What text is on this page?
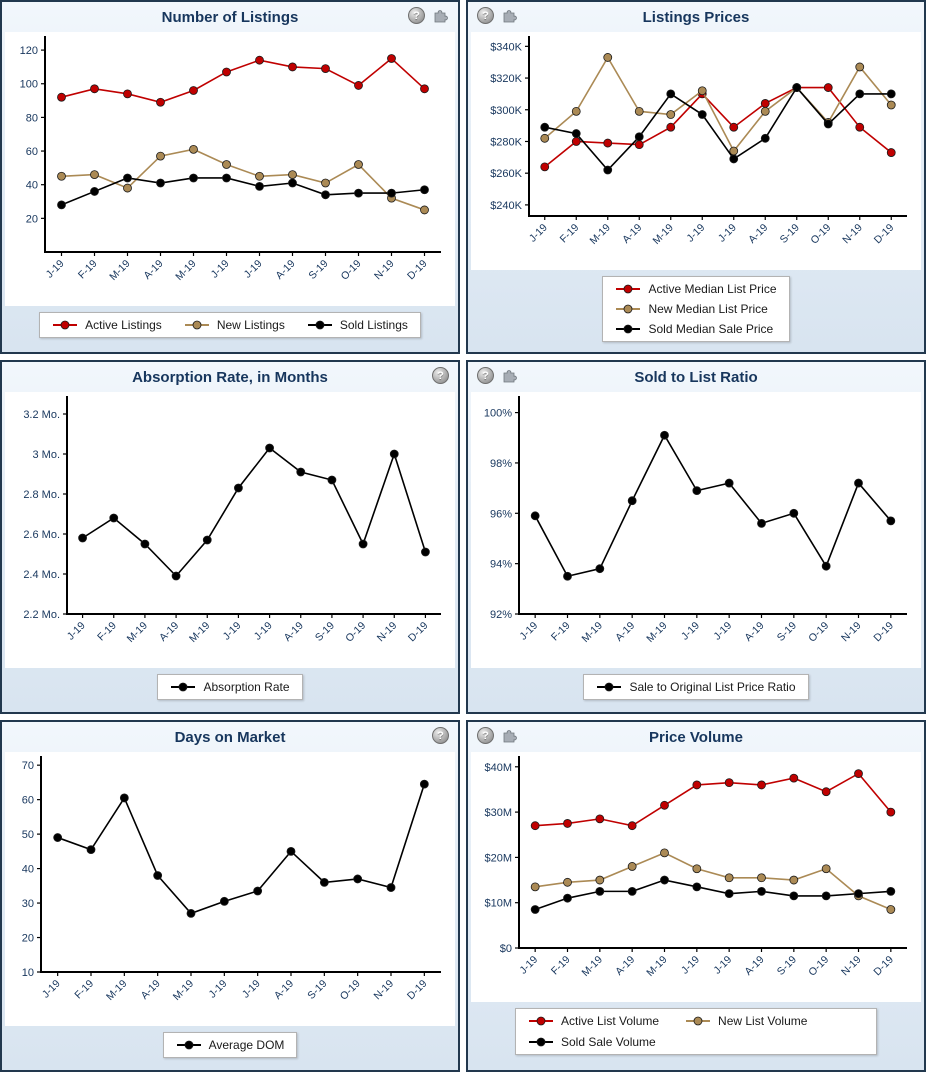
Number of Listings	?
20
40
60
80
100
120
J-19 F-19 M-19 A-19 M-19 J-19 J-19 A-19 S-19 O-19 N-19 D-19
Active Listings	New Listings	Sold Listings
?	Listings Prices
$240K
$260K
$280K
$300K
$320K
$340K
J-19 F-19 M-19 A-19 M-19 J-19 J-19 A-19 S-19 O-19 N-19 D-19
Active Median List Price
New Median List Price
Sold Median Sale Price
Absorption Rate, in Months	?
2.2 Mo.
2.4 Mo.
2.6 Mo.
2.8 Mo.
3 Mo.
3.2 Mo.
J-19 F-19 M-19 A-19 M-19 J-19 J-19 A-19 S-19 O-19 N-19 D-19
Absorption Rate
?	Sold to List Ratio
92%
94%
96%
98%
100%
J-19 F-19 M-19 A-19 M-19 J-19 J-19 A-19 S-19 O-19 N-19 D-19
Sale to Original List Price Ratio
Days on Market	?
10
20
30
40
50
60
70
J-19 F-19 M-19 A-19 M-19 J-19 J-19 A-19 S-19 O-19 N-19 D-19
Average DOM
?	Price Volume
$0
$10M
$20M
$30M
$40M
J-19 F-19 M-19 A-19 M-19 J-19 J-19 A-19 S-19 O-19 N-19 D-19
Active List Volume	New List Volume
Sold Sale Volume
